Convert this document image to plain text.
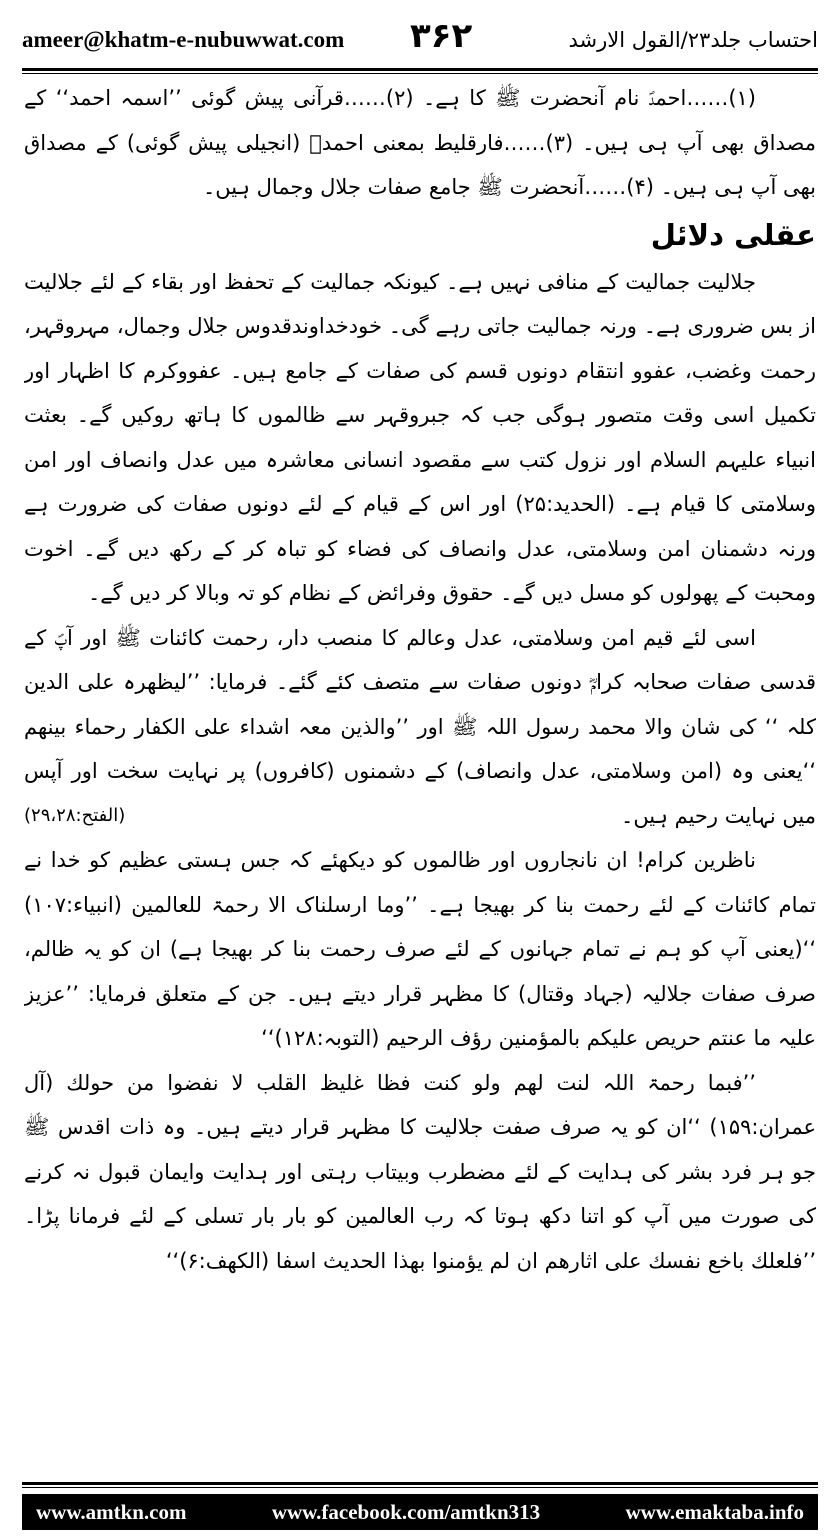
ameer@khatm-e-nubuwwat.com ۳۶۲	احتساب جلد۲۳/القول الارشد

(۱)……احمدؐ نام آنحضرت ﷺ کا ہے۔ (۲)……قرآنی پیش گوئی ’’اسمہ احمد‘‘ کے مصداق بھی آپ ہی ہیں۔ (۳)……فارقلیط بمعنی احمدؐ (انجیلی پیش گوئی) کے مصداق بھی آپ ہی ہیں۔ (۴)……آنحضرت ﷺ جامع صفات جلال وجمال ہیں۔

عقلی دلائل

جلالیت جمالیت کے منافی نہیں ہے۔ کیونکہ جمالیت کے تحفظ اور بقاء کے لئے جلالیت از بس ضروری ہے۔ ورنہ جمالیت جاتی رہے گی۔ خودخداوندقدوس جلال وجمال، مہروقہر، رحمت وغضب، عفوو انتقام دونوں قسم کی صفات کے جامع ہیں۔ عفووکرم کا اظہار اور تکمیل اسی وقت متصور ہوگی جب کہ جبروقہر سے ظالموں کا ہاتھ روکیں گے۔ بعثت انبیاء علیہم السلام اور نزول کتب سے مقصود انسانی معاشرہ میں عدل وانصاف اور امن وسلامتی کا قیام ہے۔ (الحدید:۲۵) اور اس کے قیام کے لئے دونوں صفات کی ضرورت ہے ورنہ دشمنان امن وسلامتی، عدل وانصاف کی فضاء کو تباہ کر کے رکھ دیں گے۔ اخوت ومحبت کے پھولوں کو مسل دیں گے۔ حقوق وفرائض کے نظام کو تہ وبالا کر دیں گے۔

اسی لئے قیم امن وسلامتی، عدل وعالم کا منصب دار، رحمت کائنات ﷺ اور آپؐ کے قدسی صفات صحابہ کرامؓ دونوں صفات سے متصف کئے گئے۔ فرمایا: ’’لیظھرہ علی الدین کلہ ‘‘ کی شان والا محمد رسول اللہ ﷺ اور ’’والذین معہ اشداء علی الکفار رحماء بینھم ‘‘یعنی وہ (امن وسلامتی، عدل وانصاف) کے دشمنوں (کافروں) پر نہایت سخت اور آپس میں نہایت رحیم ہیں۔
(الفتح:۲۹،۲۸)

ناظرین کرام! ان نانجاروں اور ظالموں کو دیکھئے کہ جس ہستی عظیم کو خدا نے تمام کائنات کے لئے رحمت بنا کر بھیجا ہے۔ ’’وما ارسلناک الا رحمۃ للعالمین (انبیاء:۱۰۷) ‘‘(یعنی آپ کو ہم نے تمام جہانوں کے لئے صرف رحمت بنا کر بھیجا ہے) ان کو یہ ظالم، صرف صفات جلالیہ (جہاد وقتال) کا مظہر قرار دیتے ہیں۔ جن کے متعلق فرمایا: ’’عزیز علیہ ما عنتم حریص علیکم بالمؤمنین رؤف الرحیم (التوبہ:۱۲۸)‘‘

’’فبما رحمۃ اللہ لنت لھم ولو کنت فظا غلیظ القلب لا نفضوا من حولك (آل عمران:۱۵۹) ‘‘ان کو یہ صرف صفت جلالیت کا مظہر قرار دیتے ہیں۔ وہ ذات اقدس ﷺ جو ہر فرد بشر کی ہدایت کے لئے مضطرب وبیتاب رہتی اور ہدایت وایمان قبول نہ کرنے کی صورت میں آپ کو اتنا دکھ ہوتا کہ رب العالمین کو بار بار تسلی کے لئے فرمانا پڑا۔ ’’فلعلك باخع نفسك علی اثارھم ان لم یؤمنوا بھذا الحدیث اسفا (الکھف:۶)‘‘

www.amtkn.com	www.facebook.com/amtkn313	www.emaktaba.info
